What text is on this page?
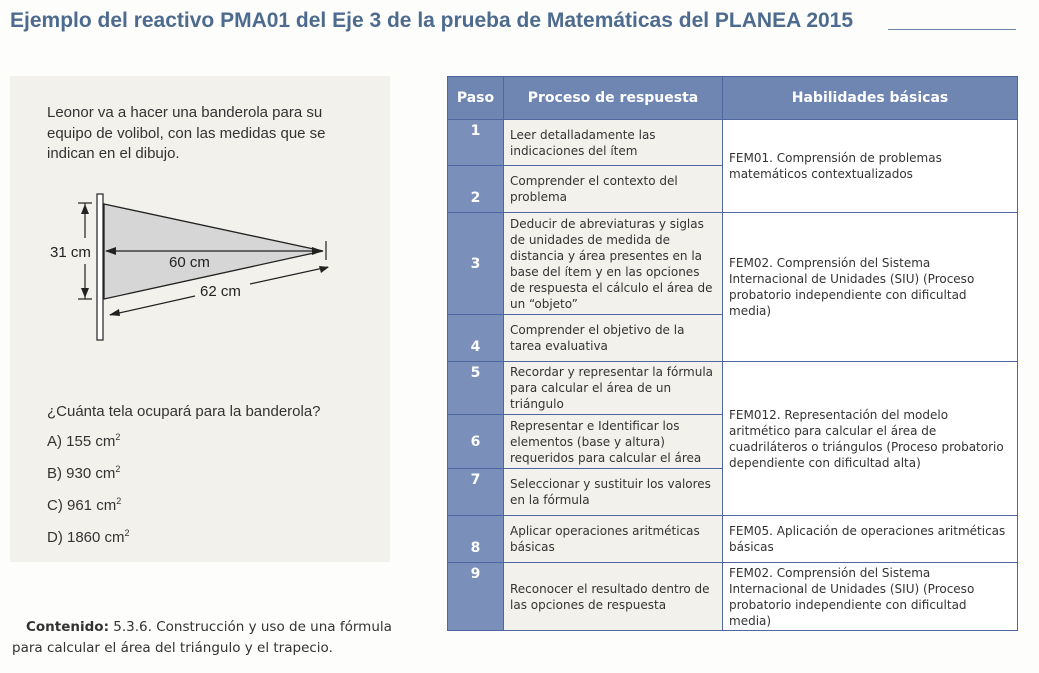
Ejemplo del reactivo PMA01 del Eje 3 de la prueba de Matemáticas del PLANEA 2015
Leonor va a hacer una banderola para su equipo de volibol, con las medidas que se indican en el dibujo.
31 cm
60 cm
62 cm
¿Cuánta tela ocupará para la banderola?
A) 155 $cm^2$
B) 930 $cm^2$
C) 961 $cm^2$
D) 1860 $cm^2$
Contenido: 5.3.6. Construcción y uso de una fórmula para calcular el área del triángulo y el trapecio.
Paso	Proceso de respuesta	Habilidades básicas
1	Leer detalladamente las indicaciones del ítem	FEM01. Comprensión de problemas matemáticos contextualizados
2	Comprender el contexto del problema	
3	Deducir de abreviaturas y siglas de unidades de medida de distancia y área presentes en la base del ítem y en las opciones de respuesta el cálculo el área de un “objeto”	FEM02. Comprensión del Sistema Internacional de Unidades (SIU) (Proceso probatorio independiente con dificultad media)
4	Comprender el objetivo de la tarea evaluativa	
5	Recordar y representar la fórmula para calcular el área de un triángulo	FEM012. Representación del modelo aritmético para calcular el área de cuadriláteros o triángulos (Proceso probatorio dependiente con dificultad alta)
6	Representar e Identificar los elementos (base y altura) requeridos para calcular el área	
7	Seleccionar y sustituir los valores en la fórmula	
8	Aplicar operaciones aritméticas básicas	FEM05. Aplicación de operaciones aritméticas básicas
9	Reconocer el resultado dentro de las opciones de respuesta	FEM02. Comprensión del Sistema Internacional de Unidades (SIU) (Proceso probatorio independiente con dificultad media)
